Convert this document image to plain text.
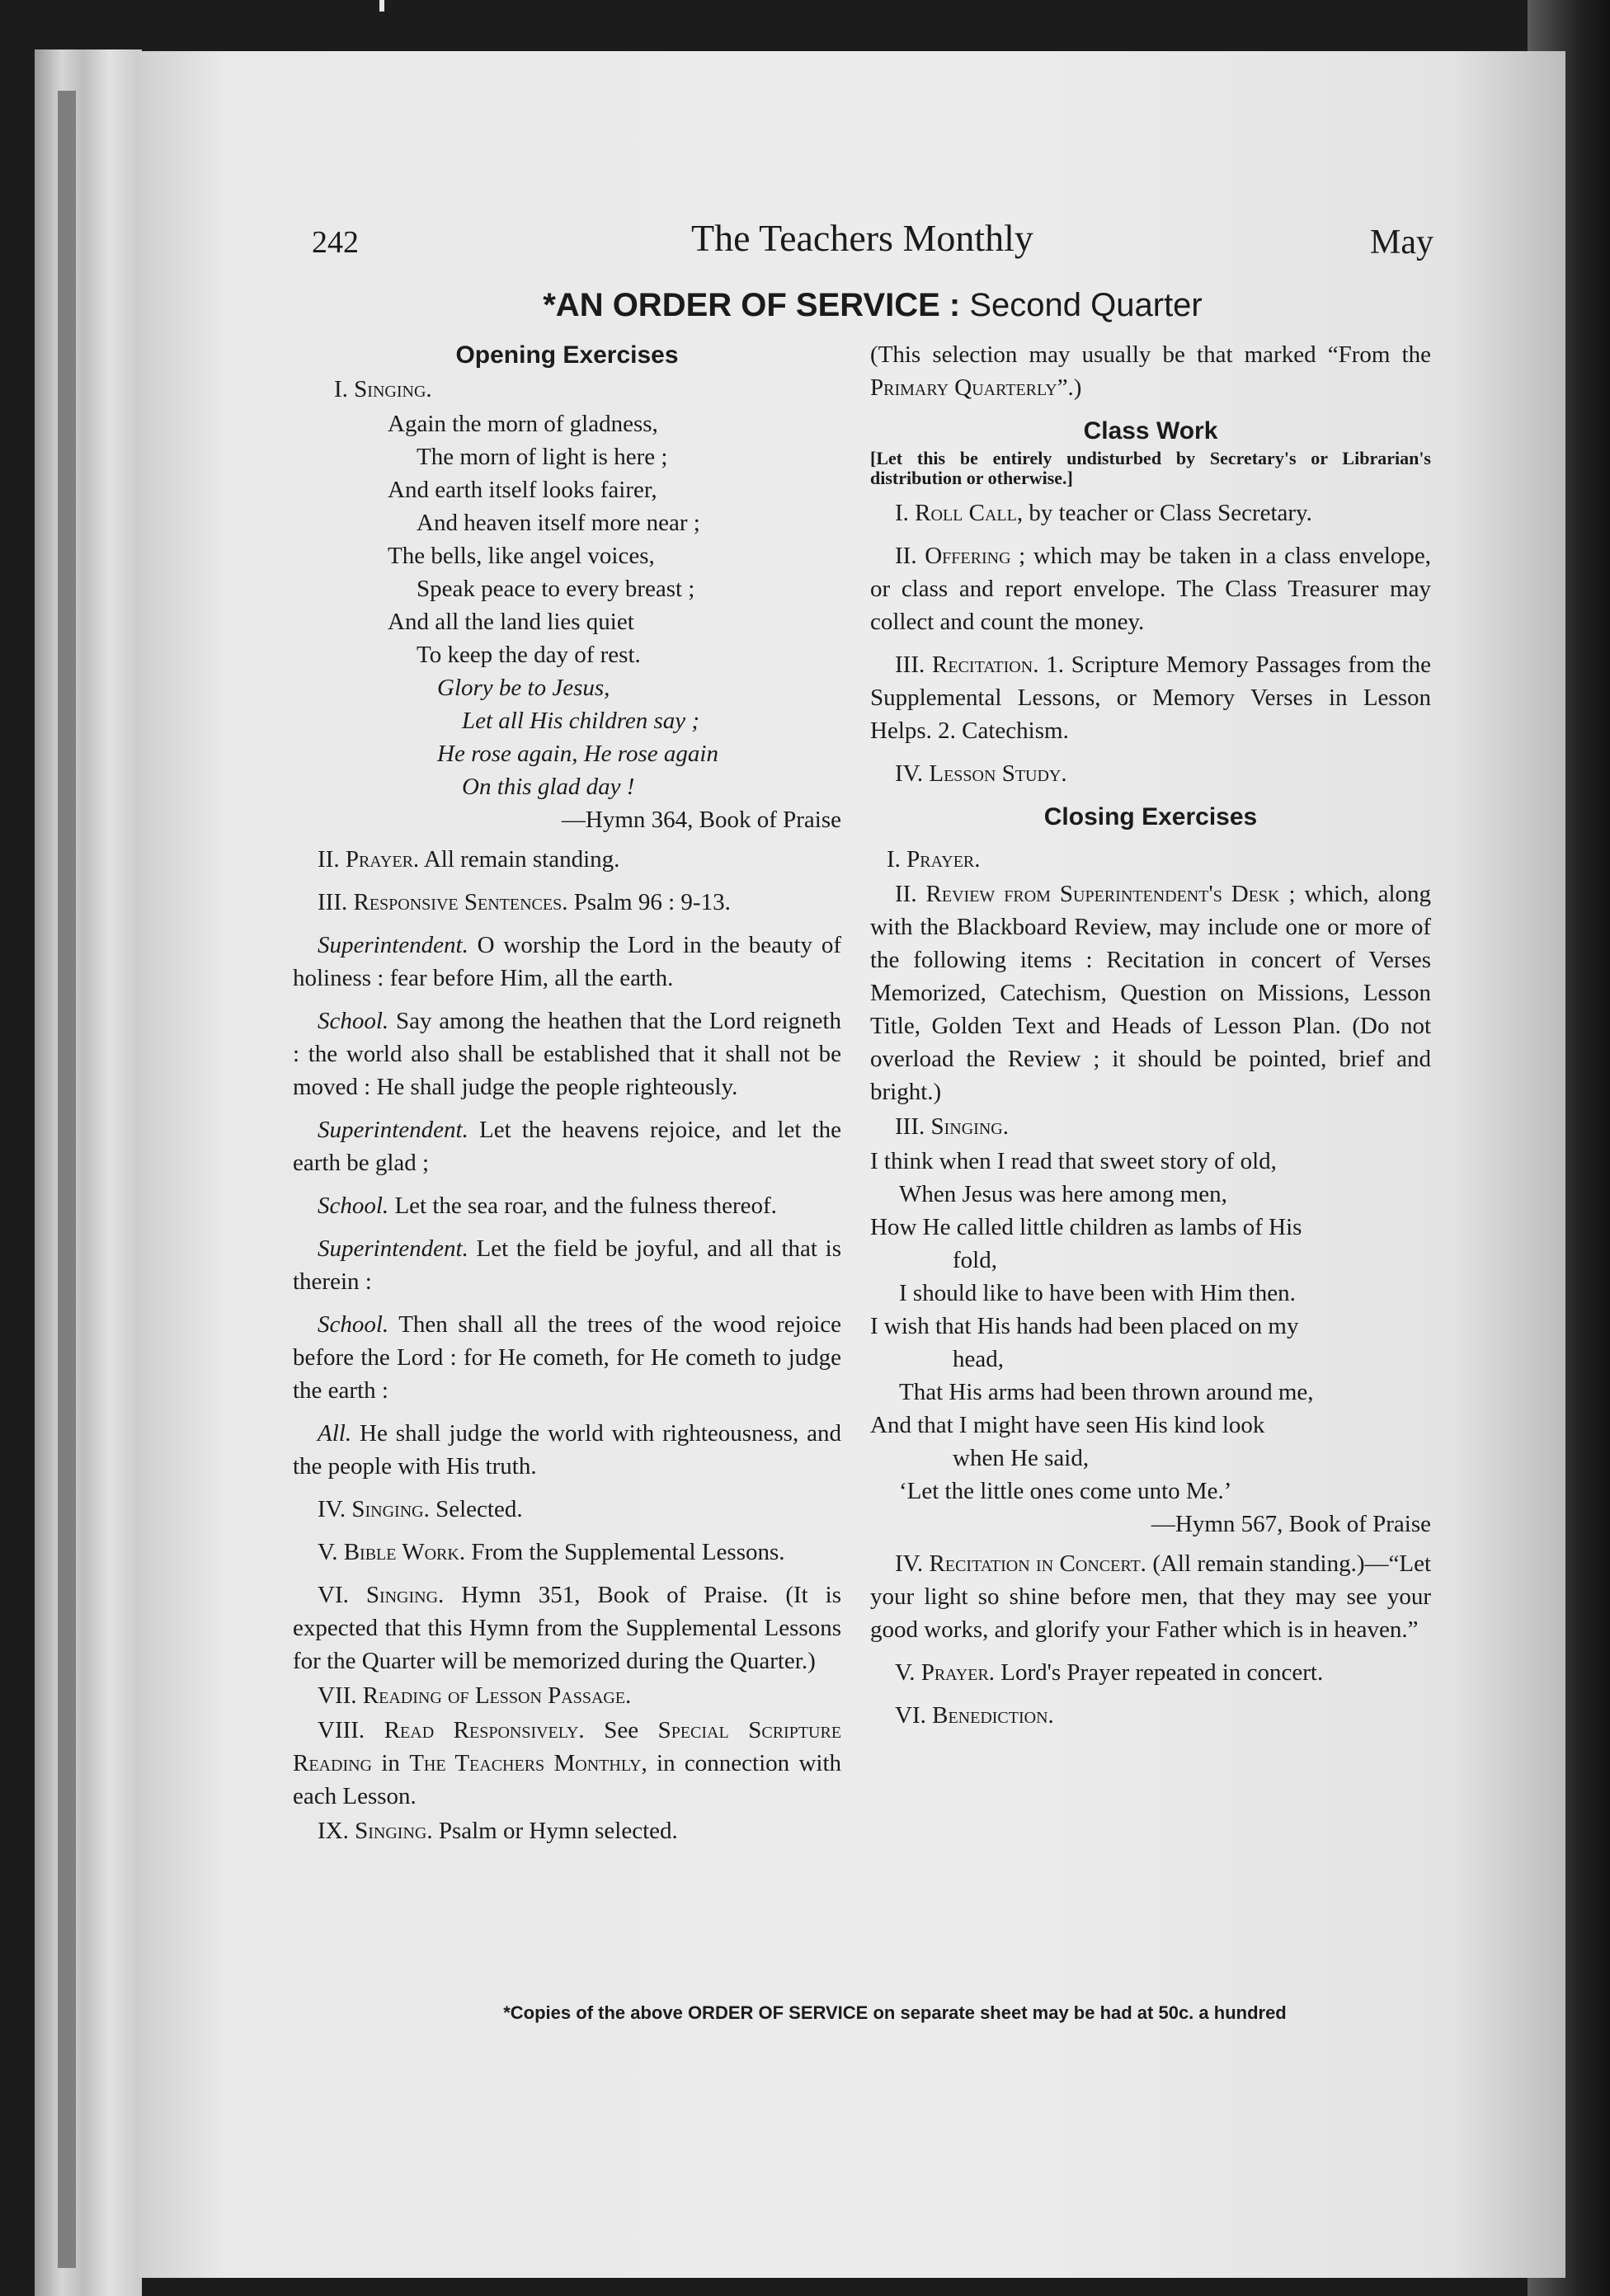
242	The Teachers Monthly	May
*AN ORDER OF SERVICE : Second Quarter
Opening Exercises
I. Singing.
Again the morn of gladness,
The morn of light is here ;
And earth itself looks fairer,
And heaven itself more near ;
The bells, like angel voices,
Speak peace to every breast ;
And all the land lies quiet
To keep the day of rest.
Glory be to Jesus,
Let all His children say ;
He rose again, He rose again
On this glad day !
—Hymn 364, Book of Praise
II. Prayer. All remain standing.
III. Responsive Sentences. Psalm 96 : 9-13.
Superintendent. O worship the Lord in the beauty of holiness : fear before Him, all the earth.
School. Say among the heathen that the Lord reigneth : the world also shall be established that it shall not be moved : He shall judge the people righteously.
Superintendent. Let the heavens rejoice, and let the earth be glad ;
School. Let the sea roar, and the fulness thereof.
Superintendent. Let the field be joyful, and all that is therein :
School. Then shall all the trees of the wood rejoice before the Lord : for He cometh, for He cometh to judge the earth :
All. He shall judge the world with righteousness, and the people with His truth.
IV. Singing. Selected.
V. Bible Work. From the Supplemental Lessons.
VI. Singing. Hymn 351, Book of Praise. (It is expected that this Hymn from the Supplemental Lessons for the Quarter will be memorized during the Quarter.)
VII. Reading of Lesson Passage.
VIII. Read Responsively. See Special Scripture Reading in The Teachers Monthly, in connection with each Lesson.
IX. Singing. Psalm or Hymn selected.
(This selection may usually be that marked “From the Primary Quarterly”.)
Class Work
[Let this be entirely undisturbed by Secretary's or Librarian's distribution or otherwise.]
I. Roll Call, by teacher or Class Secretary.
II. Offering ; which may be taken in a class envelope, or class and report envelope. The Class Treasurer may collect and count the money.
III. Recitation. 1. Scripture Memory Passages from the Supplemental Lessons, or Memory Verses in Lesson Helps. 2. Catechism.
IV. Lesson Study.
Closing Exercises
I. Prayer.
II. Review from Superintendent's Desk ; which, along with the Blackboard Review, may include one or more of the following items : Recitation in concert of Verses Memorized, Catechism, Question on Missions, Lesson Title, Golden Text and Heads of Lesson Plan. (Do not overload the Review ; it should be pointed, brief and bright.)
III. Singing.
I think when I read that sweet story of old,
When Jesus was here among men,
How He called little children as lambs of His
fold,
I should like to have been with Him then.
I wish that His hands had been placed on my
head,
That His arms had been thrown around me,
And that I might have seen His kind look
when He said,
‘Let the little ones come unto Me.’
—Hymn 567, Book of Praise
IV. Recitation in Concert. (All remain standing.)—“Let your light so shine before men, that they may see your good works, and glorify your Father which is in heaven.”
V. Prayer. Lord's Prayer repeated in concert.
VI. Benediction.
*Copies of the above ORDER OF SERVICE on separate sheet may be had at 50c. a hundred
